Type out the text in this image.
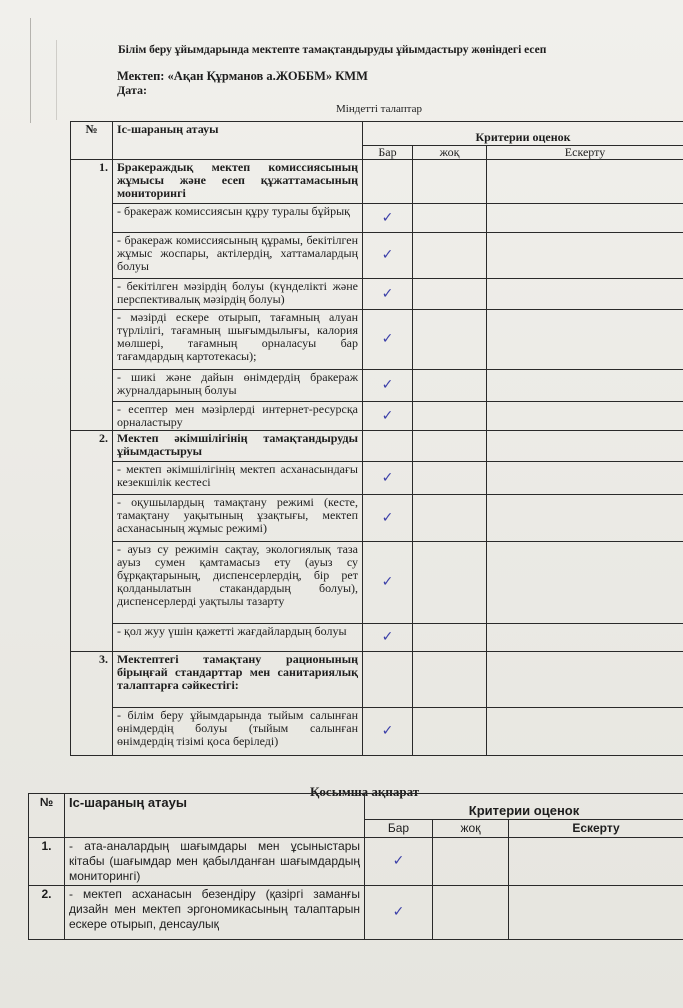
Білім беру ұйымдарында мектепте тамақтандыруды ұйымдастыру жөніндегі есеп
Мектеп: «Ақан Құрманов а.ЖОББМ» КММ
Дата:
Міндетті талаптар
№	Іс-шараның атауы	Критерии оценок		
		Бар	жоқ	Ескерту
1.	Бракераждық мектеп комиссиясының жұмысы және есеп құжаттамасының мониторингі			
	- бракераж комиссиясын құру туралы бұйрық	✓		
	- бракераж комиссиясының құрамы, бекітілген жұмыс жоспары, актілердің, хаттамалардың болуы	✓		
	- бекітілген мәзірдің болуы (күнделікті және перспективалық мәзірдің болуы)	✓		
	- мәзірді ескере отырып, тағамның алуан түрлілігі, тағамның шығымдылығы, калория мөлшері, тағамның орналасуы бар тағамдардың картотекасы);	✓		
	- шикі және дайын өнімдердің бракераж журналдарының болуы	✓		
	- есептер мен мәзірлерді интернет-ресурсқа орналастыру	✓		
2.	Мектеп әкімшілігінің тамақтандыруды ұйымдастыруы			
	- мектеп әкімшілігінің мектеп асханасындағы кезекшілік кестесі	✓		
	- оқушылардың тамақтану режимі (кесте, тамақтану уақытының ұзақтығы, мектеп асханасының жұмыс режимі)	✓		
	- ауыз су режимін сақтау, экологиялық таза ауыз сумен қамтамасыз ету (ауыз су бұрқақтарының, диспенсерлердің, бір рет қолданылатын стакандардың болуы), диспенсерлерді уақтылы тазарту	✓		
	- қол жуу үшін қажетті жағдайлардың болуы	✓		
3.	Мектептегі тамақтану рационының бірыңғай стандарттар мен санитариялық талаптарға сәйкестігі:			
	- білім беру ұйымдарында тыйым салынған өнімдердің болуы (тыйым салынған өнімдердің тізімі қоса беріледі)	✓		
Қосымша ақпарат
№	Іс-шараның атауы	Критерии оценок		
		Бар	жоқ	Ескерту
1.	- ата-аналардың шағымдары мен ұсыныстары кітабы (шағымдар мен қабылданған шағымдардың мониторингі)	✓		
2.	- мектеп асханасын безендіру (қазіргі заманғы дизайн мен мектеп эргономикасының талаптарын ескере отырып, денсаулық	✓		
